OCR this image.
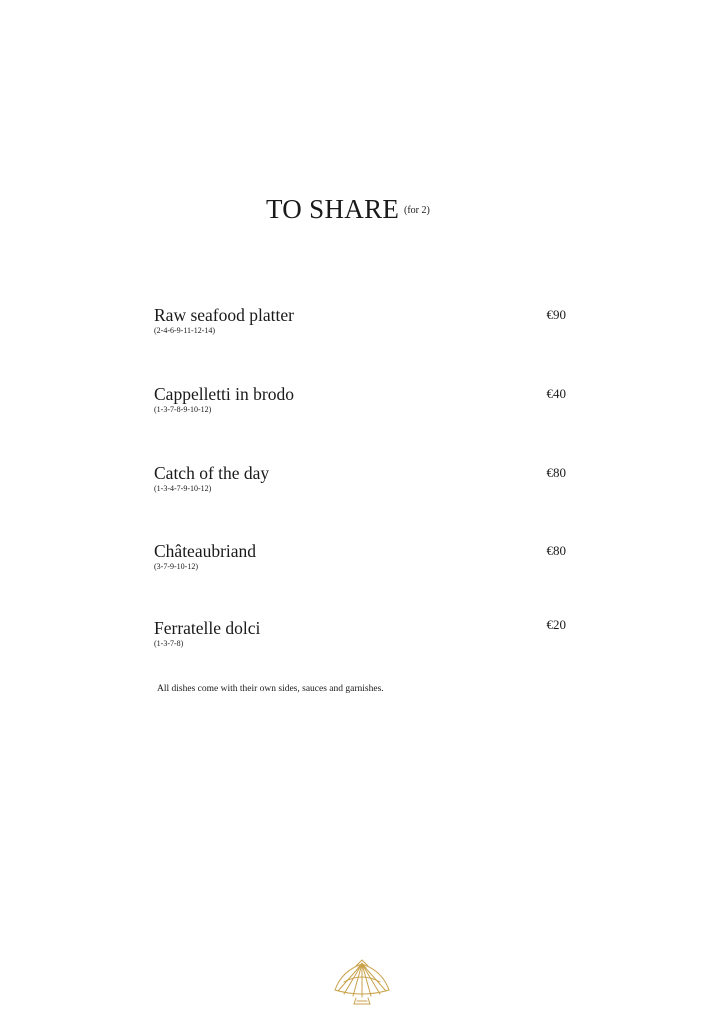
TO SHARE (for 2)
Raw seafood platter
(2-4-6-9-11-12-14)
€90
Cappelletti in brodo
(1-3-7-8-9-10-12)
€40
Catch of the day
(1-3-4-7-9-10-12)
€80
Châteaubriand
(3-7-9-10-12)
€80
Ferratelle dolci
(1-3-7-8)
€20
All dishes come with their own sides, sauces and garnishes.
